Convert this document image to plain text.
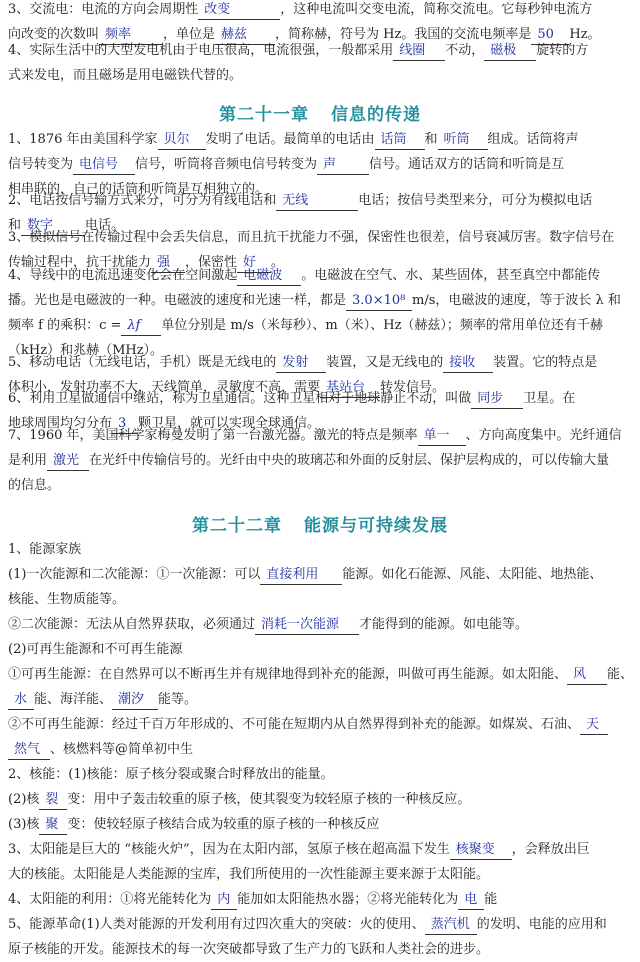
3、交流电：电流的方向会周期性 改变	，这种电流叫交变电流，简称交流电。它每秒钟电流方
向改变的次数叫 频率 ，单位是 赫兹 ，简称赫，符号为 Hz。我国的交流电频率是 50 Hz。
4、实际生活中的大型发电机由于电压很高，电流很强，一般都采用 线圈 不动， 磁极 旋转的方
式来发电，而且磁场是用电磁铁代替的。
第二十一章 信息的传递
1、1876 年由美国科学家 贝尔 发明了电话。最简单的电话由 话筒 和 听筒 组成。话筒将声
信号转变为 电信号 信号，听筒将音频电信号转变为 声	信号。通话双方的话筒和听筒是互
相串联的，自己的话筒和听筒是互相独立的。
2、电话按信号输方式来分，可分为有线电话和 无线	电话；按信号类型来分，可分为模拟电话
和 数字 电话。
3、模拟信号在传输过程中会丢失信息，而且抗干扰能力不强，保密性也很差，信号衰减厉害。数字信号在
传输过程中，抗干扰能力 强 ，保密性 好 。
4、导线中的电流迅速变化会在空间激起 电磁波 。电磁波在空气、水、某些固体，甚至真空中都能传
播。光也是电磁波的一种。电磁波的速度和光速一样，都是 3.0×10⁸ m/s，电磁波的速度，等于波长 λ 和
频率 f 的乘积：c = λf 单位分别是 m/s（米每秒）、m（米）、Hz（赫兹）；频率的常用单位还有千赫
（kHz）和兆赫（MHz）。
5、移动电话（无线电话，手机）既是无线电的 发射 装置，又是无线电的 接收 装置。它的特点是
体积小，发射功率不大，天线简单，灵敏度不高，需要 基站台 转发信号。
6、利用卫星做通信中继站，称为卫星通信。这种卫星相对于地球静止不动，叫做 同步 卫星。在
地球周围均匀分布 3 颗卫星，就可以实现全球通信。
7、1960 年，美国科学家梅曼发明了第一台激光器。激光的特点是频率 单一 、方向高度集中。光纤通信
是利用 激光 在光纤中传输信号的。光纤由中央的玻璃芯和外面的反射层、保护层构成的，可以传输大量
的信息。
第二十二章 能源与可持续发展
1、能源家族
(1)一次能源和二次能源：①一次能源：可以 直接利用 能源。如化石能源、风能、太阳能、地热能、
核能、生物质能等。
②二次能源：无法从自然界获取，必须通过 消耗一次能源 才能得到的能源。如电能等。
(2)可再生能源和不可再生能源
①可再生能源：在自然界可以不断再生并有规律地得到补充的能源，叫做可再生能源。如太阳能、 风 能、
水 能、海洋能、 潮汐 能等。
②不可再生能源：经过千百万年形成的、不可能在短期内从自然界得到补充的能源。如煤炭、石油、 天
然气 、核燃料等@简单初中生
2、核能：(1)核能：原子核分裂或聚合时释放出的能量。
(2)核 裂 变：用中子轰击较重的原子核，使其裂变为较轻原子核的一种核反应。
(3)核 聚 变：使较轻原子核结合成为较重的原子核的一种核反应
3、太阳能是巨大的 “核能火炉”，因为在太阳内部，氢原子核在超高温下发生 核聚变 ，会释放出巨
大的核能。太阳能是人类能源的宝库，我们所使用的一次性能源主要来源于太阳能。
4、太阳能的利用：①将光能转化为 内 能加如太阳能热水器；②将光能转化为 电 能
5、能源革命(1)人类对能源的开发利用有过四次重大的突破：火的使用、 蒸汽机 的发明、电能的应用和
原子核能的开发。能源技术的每一次突破都导致了生产力的飞跃和人类社会的进步。
